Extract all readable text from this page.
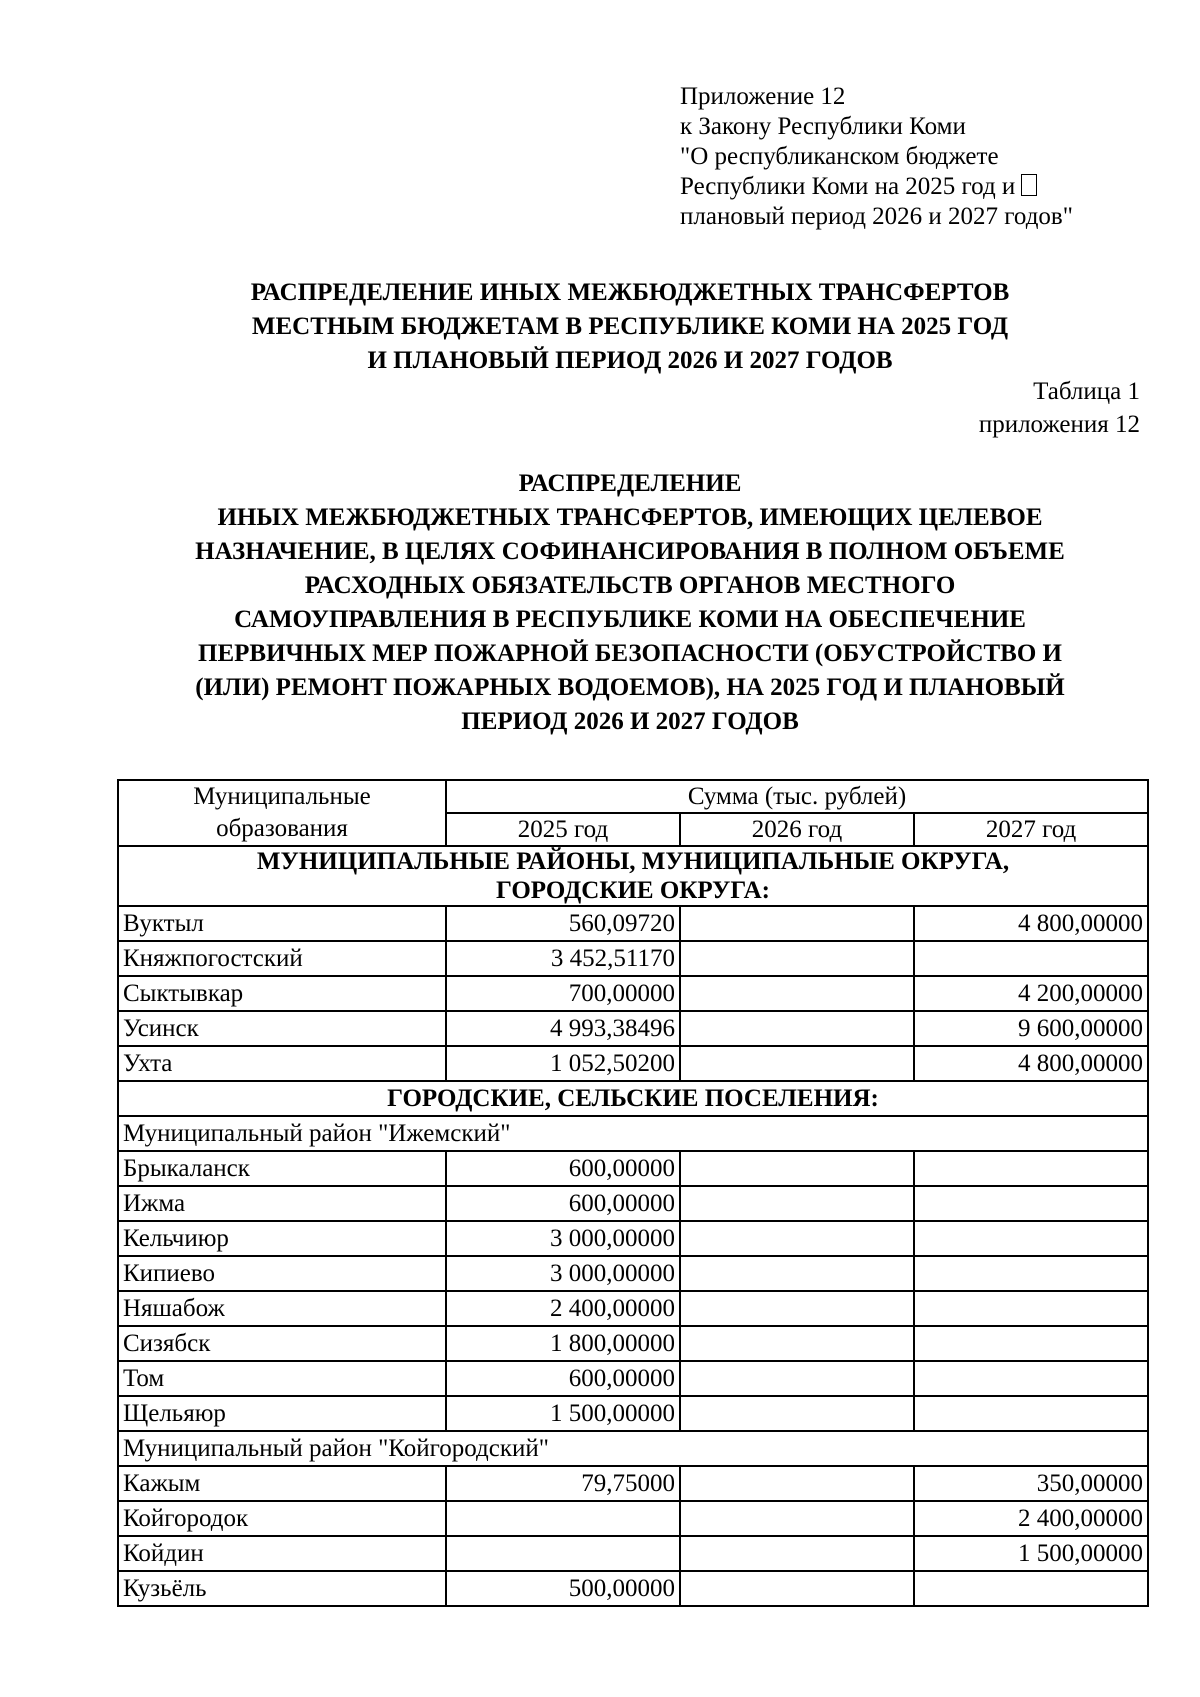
Приложение 12
к Закону Республики Коми
"О республиканском бюджете
Республики Коми на 2025 год и
плановый период 2026 и 2027 годов"
РАСПРЕДЕЛЕНИЕ ИНЫХ МЕЖБЮДЖЕТНЫХ ТРАНСФЕРТОВ
МЕСТНЫМ БЮДЖЕТАМ В РЕСПУБЛИКЕ КОМИ НА 2025 ГОД
И ПЛАНОВЫЙ ПЕРИОД 2026 И 2027 ГОДОВ
Таблица 1
приложения 12
РАСПРЕДЕЛЕНИЕ
ИНЫХ МЕЖБЮДЖЕТНЫХ ТРАНСФЕРТОВ, ИМЕЮЩИХ ЦЕЛЕВОЕ
НАЗНАЧЕНИЕ, В ЦЕЛЯХ СОФИНАНСИРОВАНИЯ В ПОЛНОМ ОБЪЕМЕ
РАСХОДНЫХ ОБЯЗАТЕЛЬСТВ ОРГАНОВ МЕСТНОГО
САМОУПРАВЛЕНИЯ В РЕСПУБЛИКЕ КОМИ НА ОБЕСПЕЧЕНИЕ
ПЕРВИЧНЫХ МЕР ПОЖАРНОЙ БЕЗОПАСНОСТИ (ОБУСТРОЙСТВО И
(ИЛИ) РЕМОНТ ПОЖАРНЫХ ВОДОЕМОВ), НА 2025 ГОД И ПЛАНОВЫЙ
ПЕРИОД 2026 И 2027 ГОДОВ
Муниципальные
образования	Сумма (тыс. рублей)		
	2025 год	2026 год	2027 год

МУНИЦИПАЛЬНЫЕ РАЙОНЫ, МУНИЦИПАЛЬНЫЕ ОКРУГА,
ГОРОДСКИЕ ОКРУГА:			

Вуктыл	560,09720		4 800,00000
Княжпогостский	3 452,51170		
Сыктывкар	700,00000		4 200,00000
Усинск	4 993,38496		9 600,00000
Ухта	1 052,50200		4 800,00000

ГОРОДСКИЕ, СЕЛЬСКИЕ ПОСЕЛЕНИЯ:			

Муниципальный район "Ижемский"			
Брыкаланск	600,00000		
Ижма	600,00000		
Кельчиюр	3 000,00000		
Кипиево	3 000,00000		
Няшабож	2 400,00000		
Сизябск	1 800,00000		
Том	600,00000		
Щельяюр	1 500,00000		
Муниципальный район "Койгородский"			
Кажым	79,75000		350,00000
Койгородок			2 400,00000
Койдин			1 500,00000
Кузьёль	500,00000		
